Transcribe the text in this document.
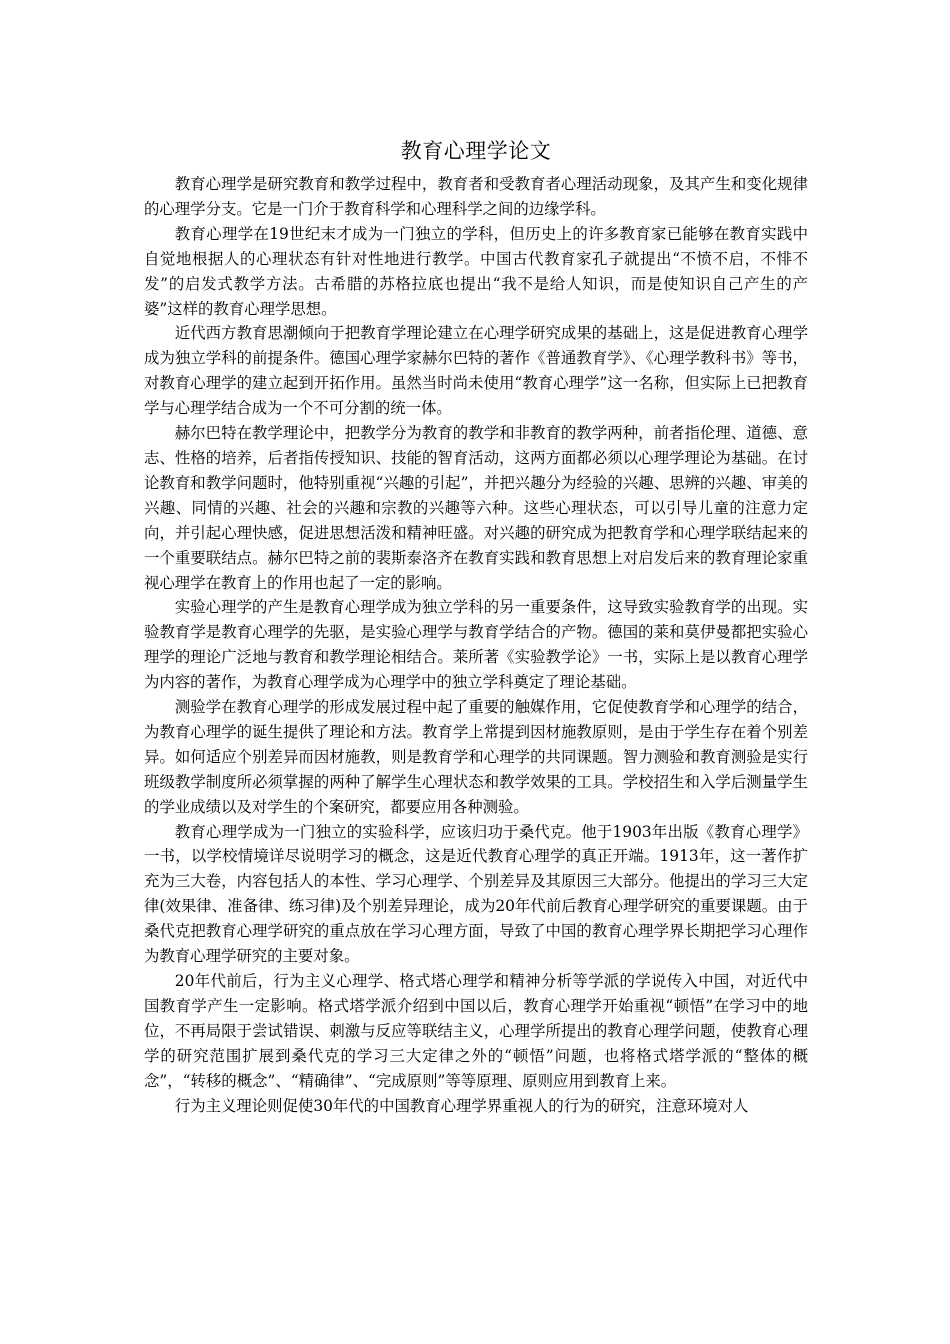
教育心理学论文

教育心理学是研究教育和教学过程中，教育者和受教育者心理活动现象，及其产生和变化规律的心理学分支。它是一门介于教育科学和心理科学之间的边缘学科。

教育心理学在19世纪末才成为一门独立的学科，但历史上的许多教育家已能够在教育实践中自觉地根据人的心理状态有针对性地进行教学。中国古代教育家孔子就提出“不愤不启，不悱不发”的启发式教学方法。古希腊的苏格拉底也提出“我不是给人知识，而是使知识自己产生的产婆”这样的教育心理学思想。

近代西方教育思潮倾向于把教育学理论建立在心理学研究成果的基础上，这是促进教育心理学成为独立学科的前提条件。德国心理学家赫尔巴特的著作《普通教育学》、《心理学教科书》等书，对教育心理学的建立起到开拓作用。虽然当时尚未使用“教育心理学”这一名称，但实际上已把教育学与心理学结合成为一个不可分割的统一体。

赫尔巴特在教学理论中，把教学分为教育的教学和非教育的教学两种，前者指伦理、道德、意志、性格的培养，后者指传授知识、技能的智育活动，这两方面都必须以心理学理论为基础。在讨论教育和教学问题时，他特别重视“兴趣的引起”，并把兴趣分为经验的兴趣、思辨的兴趣、审美的兴趣、同情的兴趣、社会的兴趣和宗教的兴趣等六种。这些心理状态，可以引导儿童的注意力定向，并引起心理快感，促进思想活泼和精神旺盛。对兴趣的研究成为把教育学和心理学联结起来的一个重要联结点。赫尔巴特之前的裴斯泰洛齐在教育实践和教育思想上对启发后来的教育理论家重视心理学在教育上的作用也起了一定的影响。

实验心理学的产生是教育心理学成为独立学科的另一重要条件，这导致实验教育学的出现。实验教育学是教育心理学的先驱，是实验心理学与教育学结合的产物。德国的莱和莫伊曼都把实验心理学的理论广泛地与教育和教学理论相结合。莱所著《实验教学论》一书，实际上是以教育心理学为内容的著作，为教育心理学成为心理学中的独立学科奠定了理论基础。

测验学在教育心理学的形成发展过程中起了重要的触媒作用，它促使教育学和心理学的结合，为教育心理学的诞生提供了理论和方法。教育学上常提到因材施教原则，是由于学生存在着个别差异。如何适应个别差异而因材施教，则是教育学和心理学的共同课题。智力测验和教育测验是实行班级教学制度所必须掌握的两种了解学生心理状态和教学效果的工具。学校招生和入学后测量学生的学业成绩以及对学生的个案研究，都要应用各种测验。

教育心理学成为一门独立的实验科学，应该归功于桑代克。他于1903年出版《教育心理学》一书，以学校情境详尽说明学习的概念，这是近代教育心理学的真正开端。1913年，这一著作扩充为三大卷，内容包括人的本性、学习心理学、个别差异及其原因三大部分。他提出的学习三大定律(效果律、准备律、练习律)及个别差异理论，成为20年代前后教育心理学研究的重要课题。由于桑代克把教育心理学研究的重点放在学习心理方面，导致了中国的教育心理学界长期把学习心理作为教育心理学研究的主要对象。

20年代前后，行为主义心理学、格式塔心理学和精神分析等学派的学说传入中国，对近代中国教育学产生一定影响。格式塔学派介绍到中国以后，教育心理学开始重视“顿悟”在学习中的地位，不再局限于尝试错误、刺激与反应等联结主义，心理学所提出的教育心理学问题，使教育心理学的研究范围扩展到桑代克的学习三大定律之外的“顿悟”问题，也将格式塔学派的“整体的概念”，“转移的概念”、“精确律”、“完成原则”等等原理、原则应用到教育上来。

行为主义理论则促使30年代的中国教育心理学界重视人的行为的研究，注意环境对人
